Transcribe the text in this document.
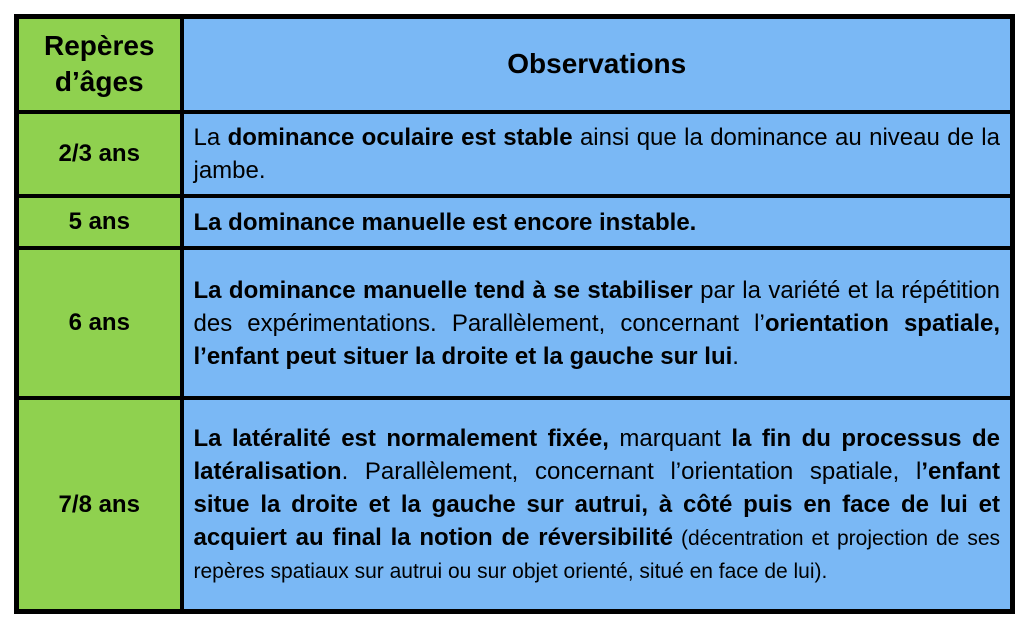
Repères d’âges	Observations
2/3 ans	La dominance oculaire est stable ainsi que la dominance au niveau de la jambe.
5 ans	La dominance manuelle est encore instable.
6 ans	La dominance manuelle tend à se stabiliser par la variété et la répétition des expérimentations. Parallèlement, concernant l’orientation spatiale, l’enfant peut situer la droite et la gauche sur lui.
7/8 ans	La latéralité est normalement fixée, marquant la fin du processus de latéralisation. Parallèlement, concernant l’orientation spatiale, l’enfant situe la droite et la gauche sur autrui, à côté puis en face de lui et acquiert au final la notion de réversibilité (décentration et projection de ses repères spatiaux sur autrui ou sur objet orienté, situé en face de lui).
